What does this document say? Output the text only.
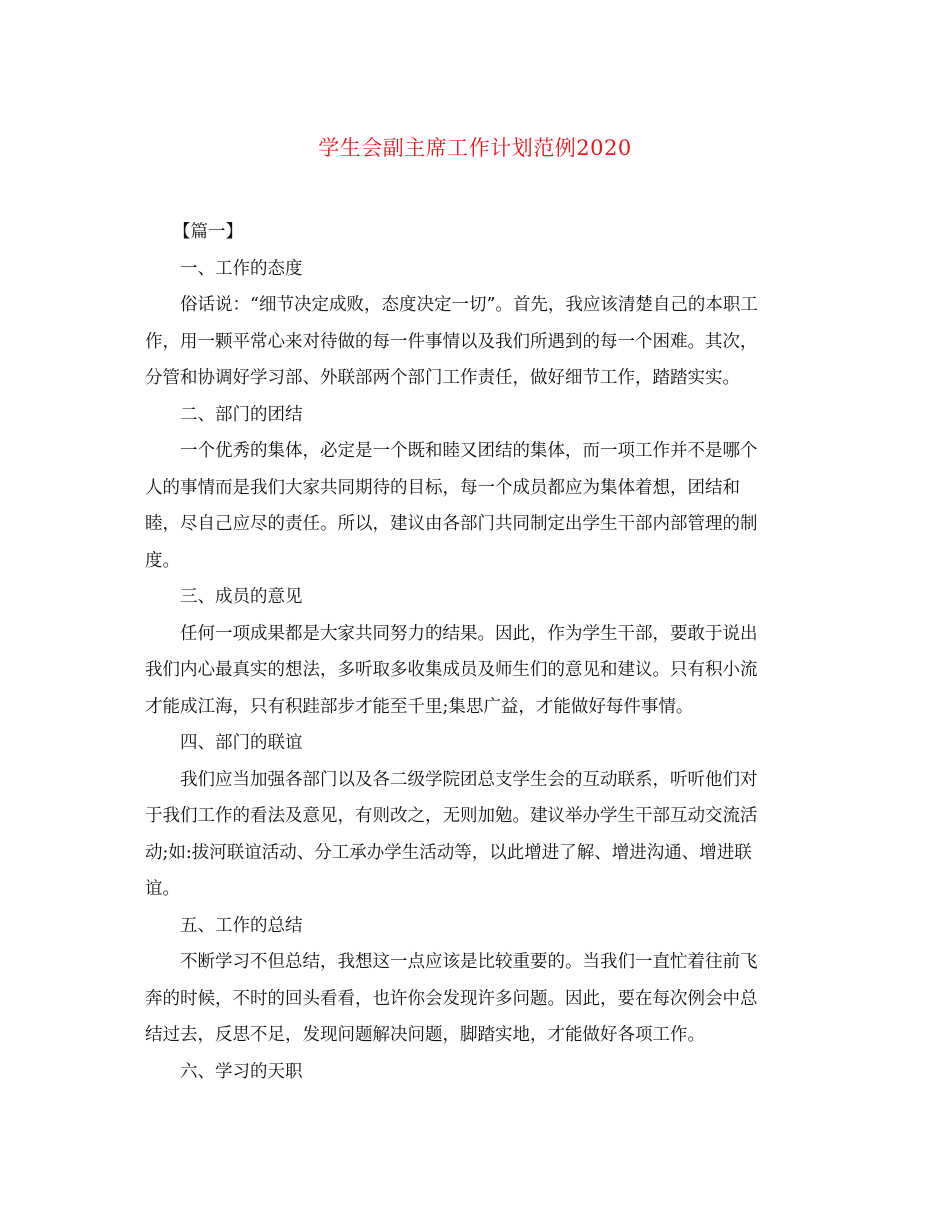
学生会副主席工作计划范例2020

【篇一】

一、工作的态度

俗话说：“细节决定成败，态度决定一切”。首先，我应该清楚自己的本职工

作，用一颗平常心来对待做的每一件事情以及我们所遇到的每一个困难。其次，

分管和协调好学习部、外联部两个部门工作责任，做好细节工作，踏踏实实。

二、部门的团结

一个优秀的集体，必定是一个既和睦又团结的集体，而一项工作并不是哪个

人的事情而是我们大家共同期待的目标，每一个成员都应为集体着想，团结和

睦，尽自己应尽的责任。所以，建议由各部门共同制定出学生干部内部管理的制

度。

三、成员的意见

任何一项成果都是大家共同努力的结果。因此，作为学生干部，要敢于说出

我们内心最真实的想法，多听取多收集成员及师生们的意见和建议。只有积小流

才能成江海，只有积跬部步才能至千里;集思广益，才能做好每件事情。

四、部门的联谊

我们应当加强各部门以及各二级学院团总支学生会的互动联系，听听他们对

于我们工作的看法及意见，有则改之，无则加勉。建议举办学生干部互动交流活

动;如:拔河联谊活动、分工承办学生活动等，以此增进了解、增进沟通、增进联

谊。

五、工作的总结

不断学习不但总结，我想这一点应该是比较重要的。当我们一直忙着往前飞

奔的时候，不时的回头看看，也许你会发现许多问题。因此，要在每次例会中总

结过去，反思不足，发现问题解决问题，脚踏实地，才能做好各项工作。

六、学习的天职
